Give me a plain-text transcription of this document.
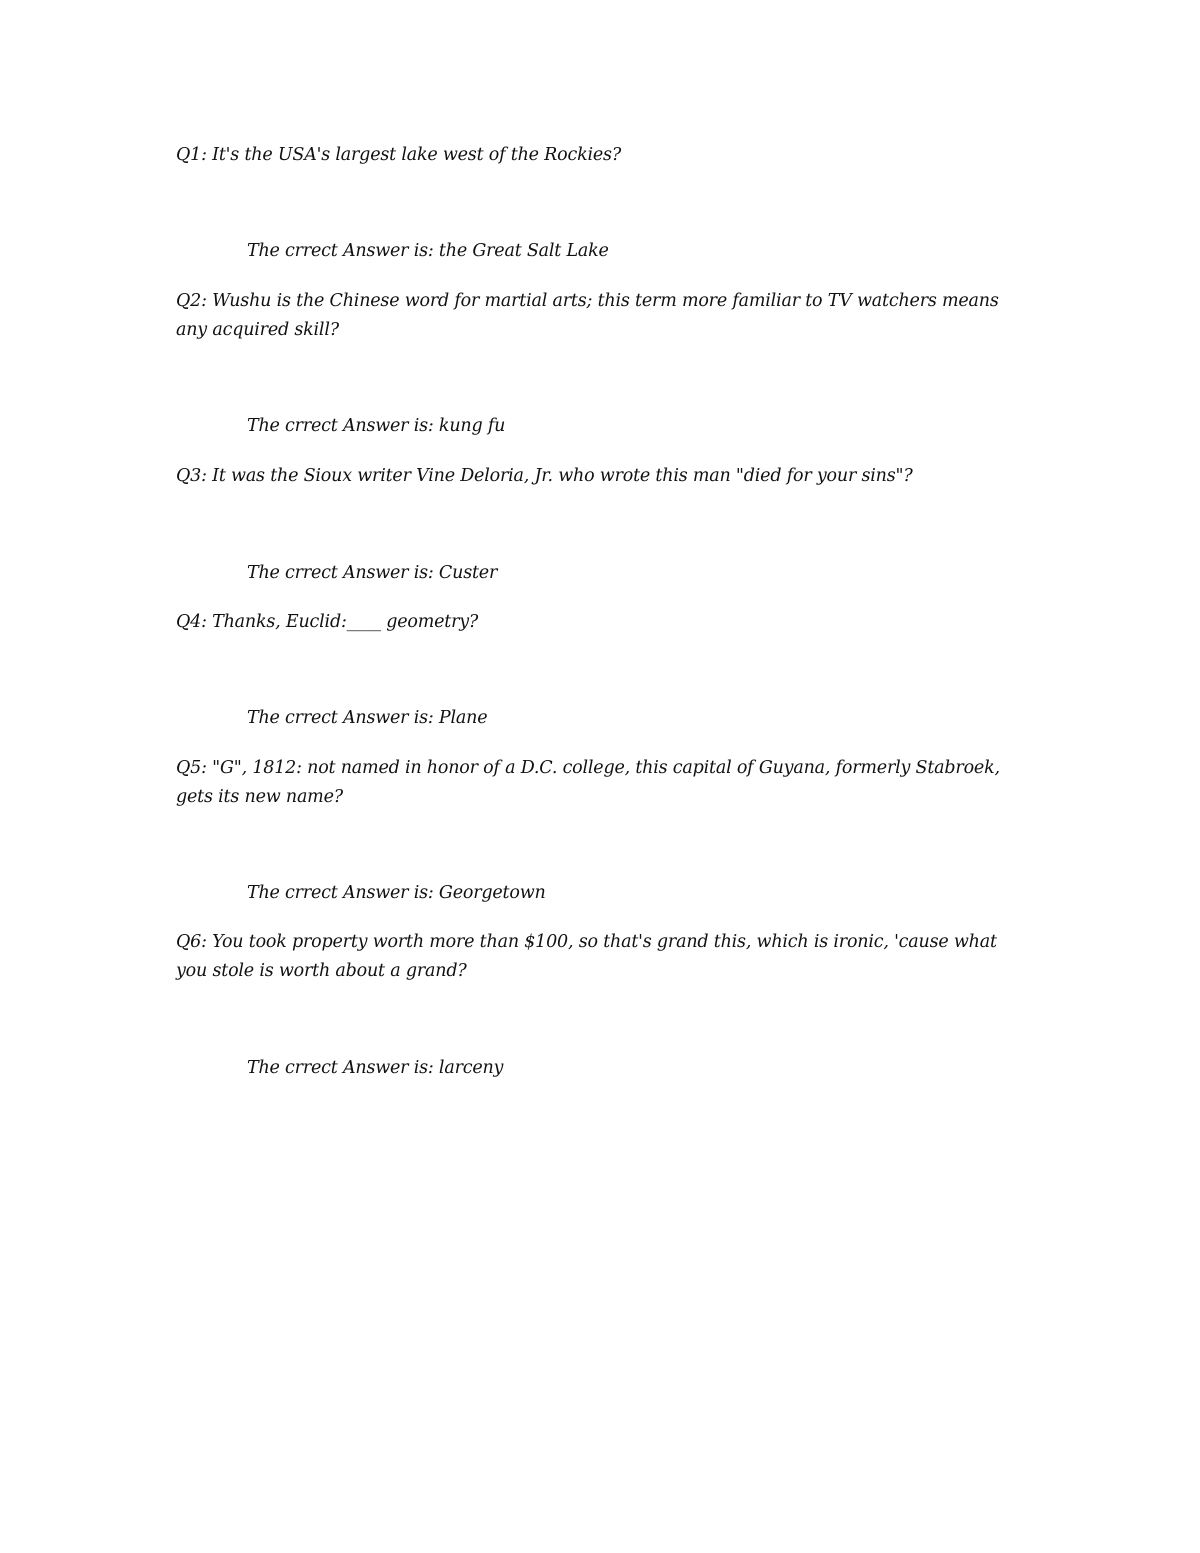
Q1: It's the USA's largest lake west of the Rockies?

The crrect Answer is: the Great Salt Lake

Q2: Wushu is the Chinese word for martial arts; this term more familiar to TV watchers means

any acquired skill?

The crrect Answer is: kung fu

Q3: It was the Sioux writer Vine Deloria, Jr. who wrote this man "died for your sins"?

The crrect Answer is: Custer

Q4: Thanks, Euclid:____ geometry?

The crrect Answer is: Plane

Q5: "G", 1812: not named in honor of a D.C. college, this capital of Guyana, formerly Stabroek,

gets its new name?

The crrect Answer is: Georgetown

Q6: You took property worth more than $100, so that's grand this, which is ironic, 'cause what

you stole is worth about a grand?

The crrect Answer is: larceny
